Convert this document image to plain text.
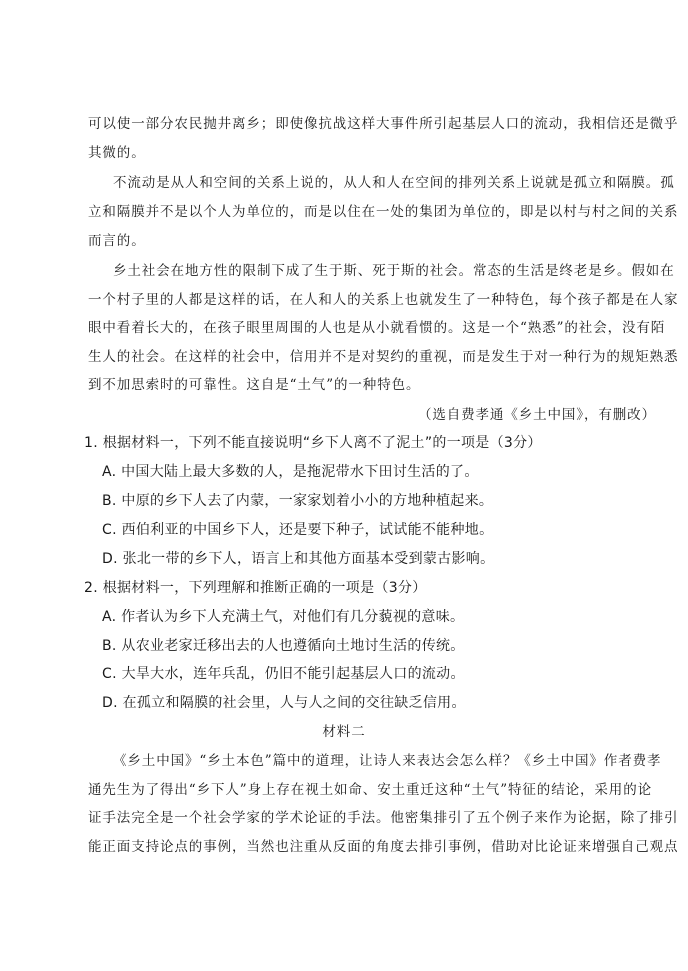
可以使一部分农民抛井离乡；即使像抗战这样大事件所引起基层人口的流动，我相信还是微乎
其微的。
不流动是从人和空间的关系上说的，从人和人在空间的排列关系上说就是孤立和隔膜。孤
立和隔膜并不是以个人为单位的，而是以住在一处的集团为单位的，即是以村与村之间的关系
而言的。
乡土社会在地方性的限制下成了生于斯、死于斯的社会。常态的生活是终老是乡。假如在
一个村子里的人都是这样的话，在人和人的关系上也就发生了一种特色，每个孩子都是在人家
眼中看着长大的，在孩子眼里周围的人也是从小就看惯的。这是一个“熟悉”的社会，没有陌
生人的社会。在这样的社会中，信用并不是对契约的重视，而是发生于对一种行为的规矩熟悉
到不加思索时的可靠性。这自是“土气”的一种特色。
（选自费孝通《乡土中国》，有删改）
1. 根据材料一，下列不能直接说明“乡下人离不了泥土”的一项是（3分）
A. 中国大陆上最大多数的人，是拖泥带水下田讨生活的了。
B. 中原的乡下人去了内蒙，一家家划着小小的方地种植起来。
C. 西伯利亚的中国乡下人，还是要下种子，试试能不能种地。
D. 张北一带的乡下人，语言上和其他方面基本受到蒙古影响。
2. 根据材料一，下列理解和推断正确的一项是（3分）
A. 作者认为乡下人充满土气，对他们有几分藐视的意味。
B. 从农业老家迁移出去的人也遵循向土地讨生活的传统。
C. 大旱大水，连年兵乱，仍旧不能引起基层人口的流动。
D. 在孤立和隔膜的社会里，人与人之间的交往缺乏信用。
材料二
《乡土中国》“乡土本色”篇中的道理，让诗人来表达会怎么样？《乡土中国》作者费孝
通先生为了得出“乡下人”身上存在视土如命、安土重迁这种“土气”特征的结论，采用的论
证手法完全是一个社会学家的学术论证的手法。他密集排引了五个例子来作为论据，除了排引
能正面支持论点的事例，当然也注重从反面的角度去排引事例，借助对比论证来增强自己观点
